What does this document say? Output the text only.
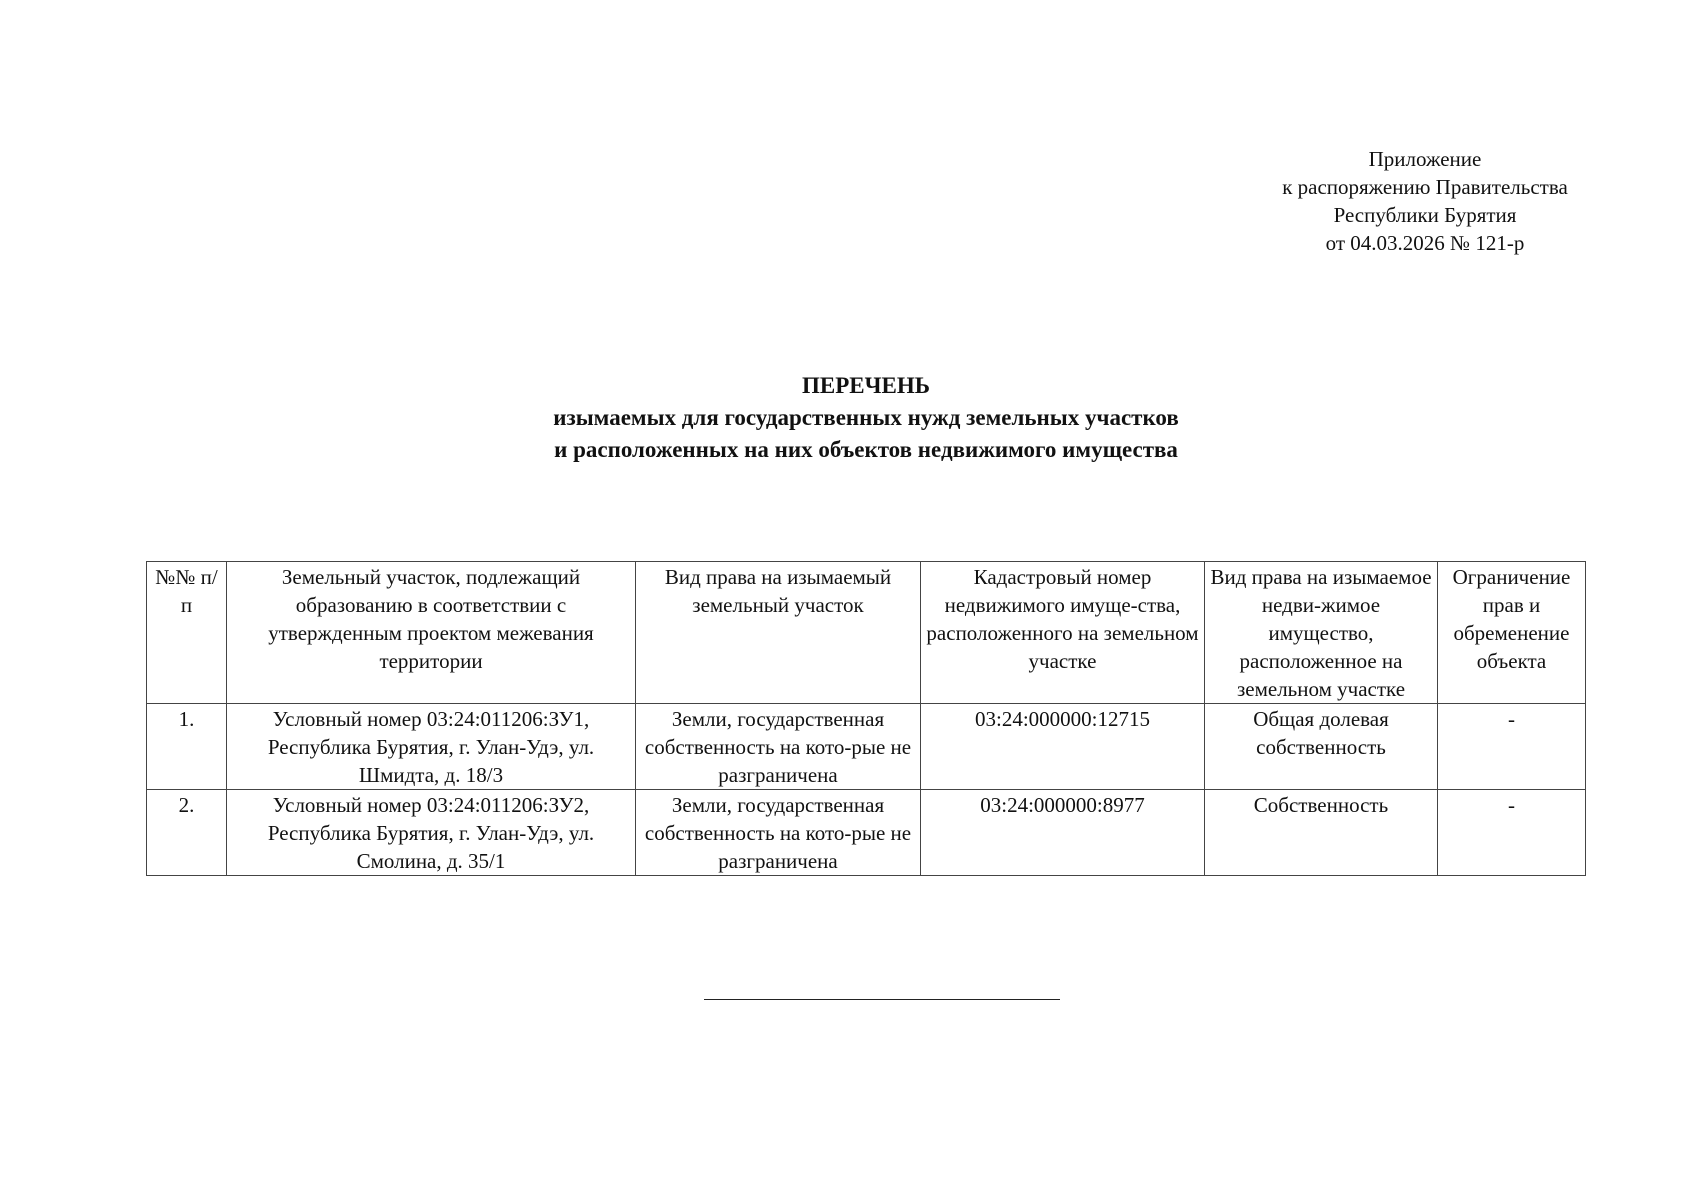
Приложение
к распоряжению Правительства
Республики Бурятия
от 04.03.2026 № 121-р
ПЕРЕЧЕНЬ
изымаемых для государственных нужд земельных участков
и расположенных на них объектов недвижимого имущества
№№ п/п	Земельный участок, подлежащий образованию в соответствии с утвержденным проектом межевания территории	Вид права на изымаемый земельный участок	Кадастровый номер недвижимого имуще-ства, расположенного на земельном участке	Вид права на изымаемое недви-жимое имущество, расположенное на земельном участке	Ограничение прав и обременение объекта
1.	Условный номер 03:24:011206:ЗУ1, Республика Бурятия, г. Улан-Удэ, ул. Шмидта, д. 18/3	Земли, государственная собственность на кото-рые не разграничена	03:24:000000:12715	Общая долевая собственность	-
2.	Условный номер 03:24:011206:ЗУ2, Республика Бурятия, г. Улан-Удэ, ул. Смолина, д. 35/1	Земли, государственная собственность на кото-рые не разграничена	03:24:000000:8977	Собственность	-
